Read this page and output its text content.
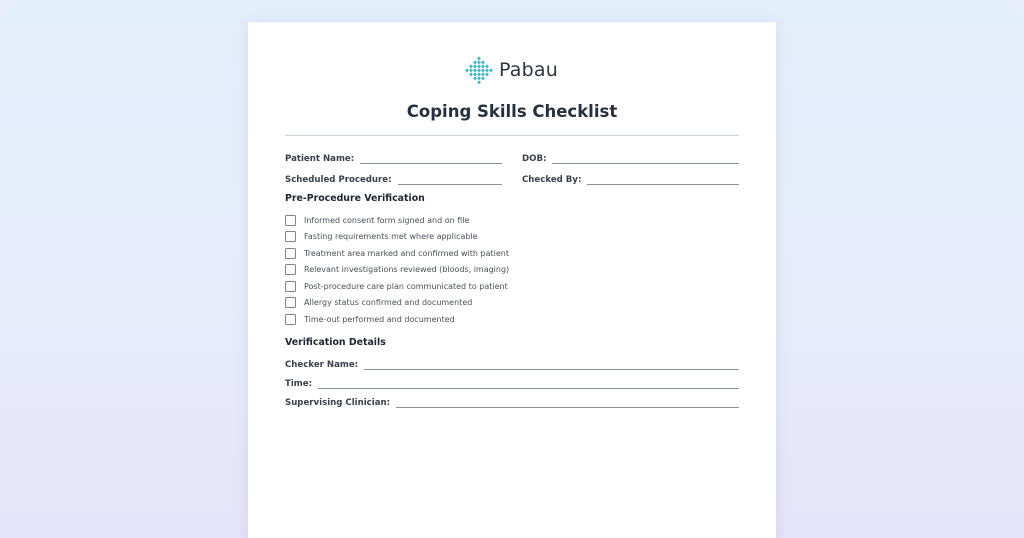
Pabau
Coping Skills Checklist
Patient Name:	DOB:
Scheduled Procedure:	Checked By:
Pre-Procedure Verification
Informed consent form signed and on file
Fasting requirements met where applicable
Treatment area marked and confirmed with patient
Relevant investigations reviewed (bloods, imaging)
Post-procedure care plan communicated to patient
Allergy status confirmed and documented
Time-out performed and documented
Verification Details
Checker Name:
Time:
Supervising Clinician:
